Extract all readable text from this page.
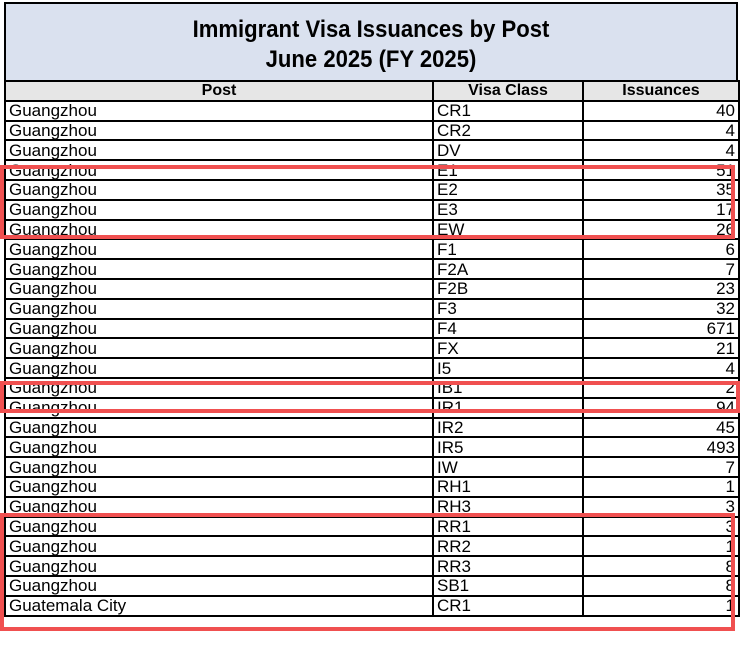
Immigrant Visa Issuances by Post
June 2025 (FY 2025)
Post	Visa Class	Issuances
Guangzhou	CR1	40
Guangzhou	CR2	4
Guangzhou	DV	4
Guangzhou	E1	51
Guangzhou	E2	35
Guangzhou	E3	17
Guangzhou	EW	26
Guangzhou	F1	6
Guangzhou	F2A	7
Guangzhou	F2B	23
Guangzhou	F3	32
Guangzhou	F4	671
Guangzhou	FX	21
Guangzhou	I5	4
Guangzhou	IB1	2
Guangzhou	IR1	94
Guangzhou	IR2	45
Guangzhou	IR5	493
Guangzhou	IW	7
Guangzhou	RH1	1
Guangzhou	RH3	3
Guangzhou	RR1	3
Guangzhou	RR2	1
Guangzhou	RR3	8
Guangzhou	SB1	8
Guatemala City	CR1	1
